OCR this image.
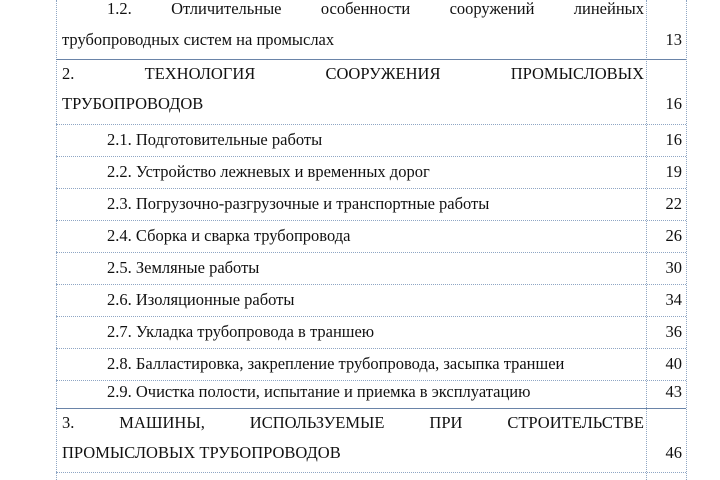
1.2. Отличительные особенности сооружений линейных
трубопроводных систем на промыслах	13
2. ТЕХНОЛОГИЯ СООРУЖЕНИЯ ПРОМЫСЛОВЫХ
ТРУБОПРОВОДОВ	16
2.1. Подготовительные работы	16
2.2. Устройство лежневых и временных дорог	19
2.3. Погрузочно-разгрузочные и транспортные работы	22
2.4. Сборка и сварка трубопровода	26
2.5. Земляные работы	30
2.6. Изоляционные работы	34
2.7. Укладка трубопровода в траншею	36
2.8. Балластировка, закрепление трубопровода, засыпка траншеи	40
2.9. Очистка полости, испытание и приемка в эксплуатацию	43
3. МАШИНЫ, ИСПОЛЬЗУЕМЫЕ ПРИ СТРОИТЕЛЬСТВЕ
ПРОМЫСЛОВЫХ ТРУБОПРОВОДОВ	46
